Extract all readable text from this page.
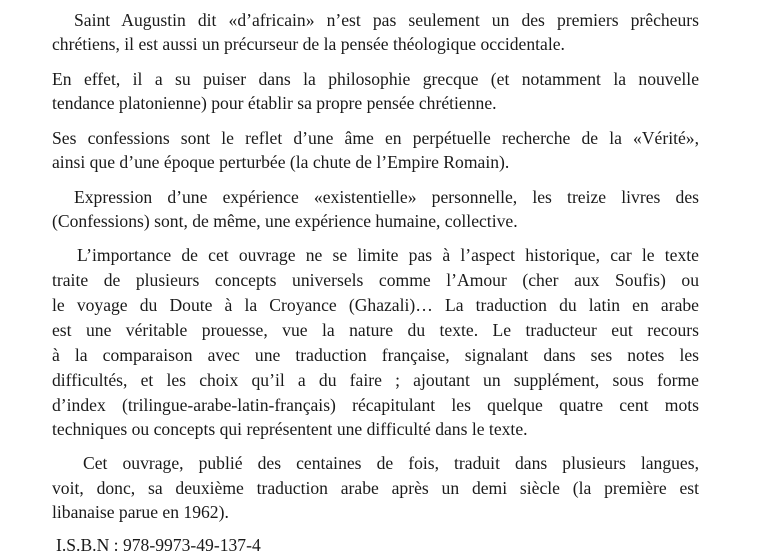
Saint Augustin dit «d’africain» n’est pas seulement un des premiers prêcheurs
chrétiens, il est aussi un précurseur de la pensée théologique occidentale.
En effet, il a su puiser dans la philosophie grecque (et notamment la nouvelle
tendance platonienne) pour établir sa propre pensée chrétienne.
Ses confessions sont le reflet d’une âme en perpétuelle recherche de la «Vérité»,
ainsi que d’une époque perturbée (la chute de l’Empire Romain).
Expression d’une expérience «existentielle» personnelle, les treize livres des
(Confessions) sont, de même, une expérience humaine, collective.
L’importance de cet ouvrage ne se limite pas à l’aspect historique, car le texte
traite de plusieurs concepts universels comme l’Amour (cher aux Soufis) ou
le voyage du Doute à la Croyance (Ghazali)… La traduction du latin en arabe
est une véritable prouesse, vue la nature du texte. Le traducteur eut recours
à la comparaison avec une traduction française, signalant dans ses notes les
difficultés, et les choix qu’il a du faire ; ajoutant un supplément, sous forme
d’index (trilingue-arabe-latin-français) récapitulant les quelque quatre cent mots
techniques ou concepts qui représentent une difficulté dans le texte.
Cet ouvrage, publié des centaines de fois, traduit dans plusieurs langues,
voit, donc, sa deuxième traduction arabe après un demi siècle (la première est
libanaise parue en 1962).
I.S.B.N : 978-9973-49-137-4
